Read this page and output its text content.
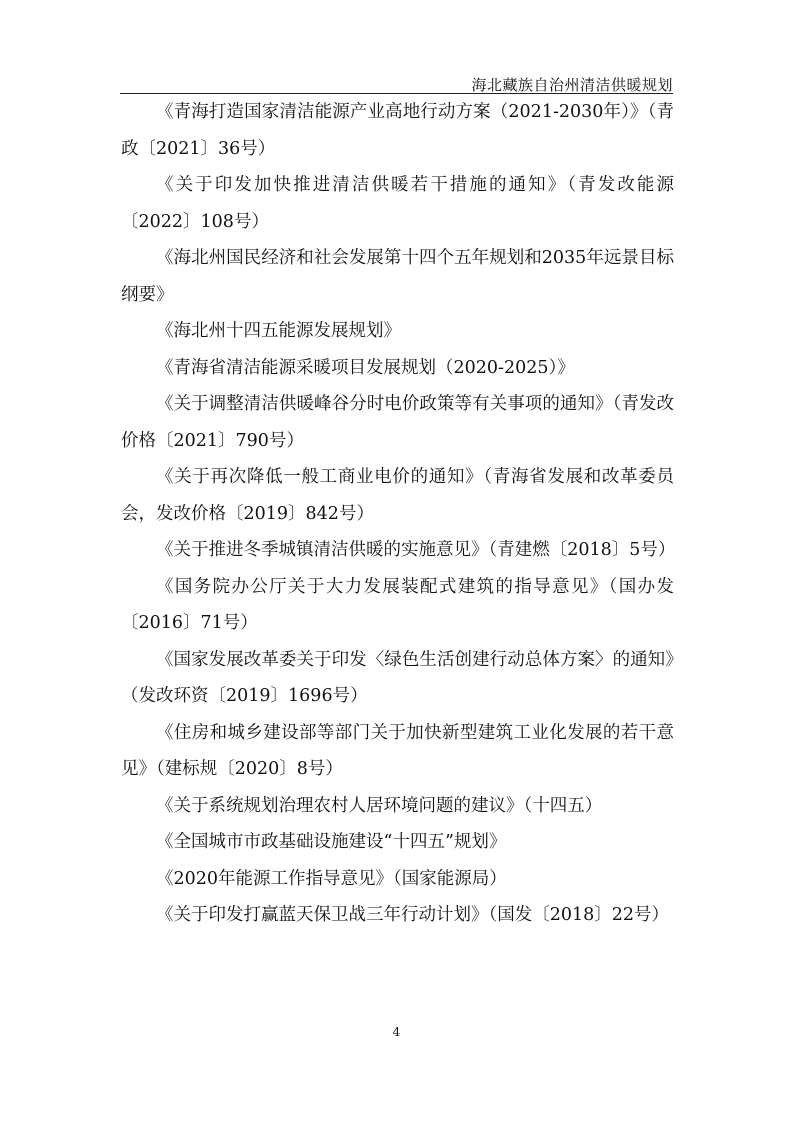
海北藏族自治州清洁供暖规划

《青海打造国家清洁能源产业高地行动方案（2021-2030年）》（青政〔2021〕36号）

《关于印发加快推进清洁供暖若干措施的通知》（青发改能源〔2022〕108号）

《海北州国民经济和社会发展第十四个五年规划和2035年远景目标纲要》

《海北州十四五能源发展规划》

《青海省清洁能源采暖项目发展规划（2020-2025）》

《关于调整清洁供暖峰谷分时电价政策等有关事项的通知》（青发改价格〔2021〕790号）

《关于再次降低一般工商业电价的通知》（青海省发展和改革委员会，发改价格〔2019〕842号）

《关于推进冬季城镇清洁供暖的实施意见》（青建燃〔2018〕5号）

《国务院办公厅关于大力发展装配式建筑的指导意见》（国办发〔2016〕71号）

《国家发展改革委关于印发〈绿色生活创建行动总体方案〉的通知》（发改环资〔2019〕1696号）

《住房和城乡建设部等部门关于加快新型建筑工业化发展的若干意见》（建标规〔2020〕8号）

《关于系统规划治理农村人居环境问题的建议》（十四五）

《全国城市市政基础设施建设“十四五”规划》

《2020年能源工作指导意见》（国家能源局）

《关于印发打赢蓝天保卫战三年行动计划》（国发〔2018〕22号）

4
